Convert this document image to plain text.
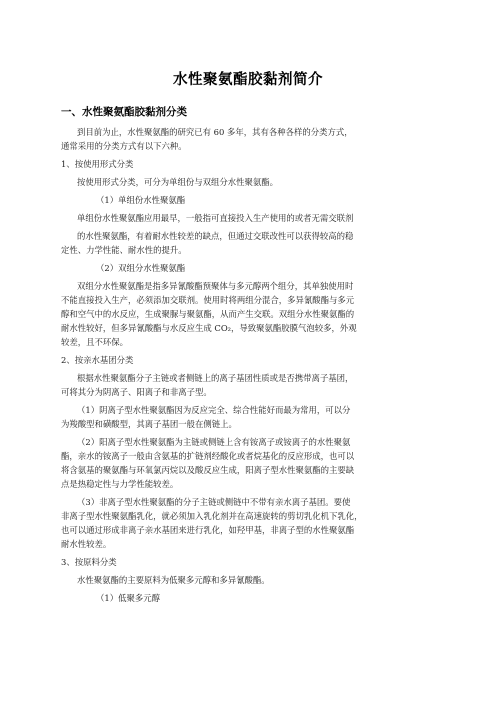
水性聚氨酯胶黏剂简介
一、水性聚氨酯胶黏剂分类
到目前为止，水性聚氨酯的研究已有 60 多年，其有各种各样的分类方式，
通常采用的分类方式有以下六种。
1、按使用形式分类
按使用形式分类，可分为单组份与双组分水性聚氨酯。
（1）单组份水性聚氨酯
单组份水性聚氨酯应用最早，一般指可直接投入生产使用的或者无需交联剂
的水性聚氨酯，有着耐水性较差的缺点，但通过交联改性可以获得较高的稳
定性、力学性能、耐水性的提升。
（2）双组分水性聚氨酯
双组分水性聚氨酯是指多异氰酸酯预聚体与多元醇两个组分，其单独使用时
不能直接投入生产，必须添加交联剂。使用时将两组分混合，多异氰酸酯与多元
醇和空气中的水反应，生成聚脲与聚氨酯，从而产生交联。双组分水性聚氨酯的
耐水性较好，但多异氰酸酯与水反应生成 CO₂，导致聚氨酯胶膜气泡较多，外观
较差，且不环保。
2、按亲水基团分类
根据水性聚氨酯分子主链或者侧链上的离子基团性质或是否携带离子基团，
可将其分为阴离子、阳离子和非离子型。
（1）阴离子型水性聚氨酯因为反应完全、综合性能好而最为常用，可以分
为羧酸型和磺酸型，其离子基团一般在侧链上。
（2）阳离子型水性聚氨酯为主链或侧链上含有铵离子或铵离子的水性聚氨
酯，亲水的铵离子一般由含氨基的扩链剂经酸化或者烷基化的反应形成，也可以
将含氨基的聚氨酯与环氧氯丙烷以及酸反应生成，阳离子型水性聚氨酯的主要缺
点是热稳定性与力学性能较差。
（3）非离子型水性聚氨酯的分子主链或侧链中不带有亲水离子基团。要使
非离子型水性聚氨酯乳化，就必须加入乳化剂并在高速旋转的剪切乳化机下乳化，
也可以通过形成非离子亲水基团来进行乳化，如羟甲基，非离子型的水性聚氨酯
耐水性较差。
3、按原料分类
水性聚氨酯的主要原料为低聚多元醇和多异氰酸酯。
（1）低聚多元醇
